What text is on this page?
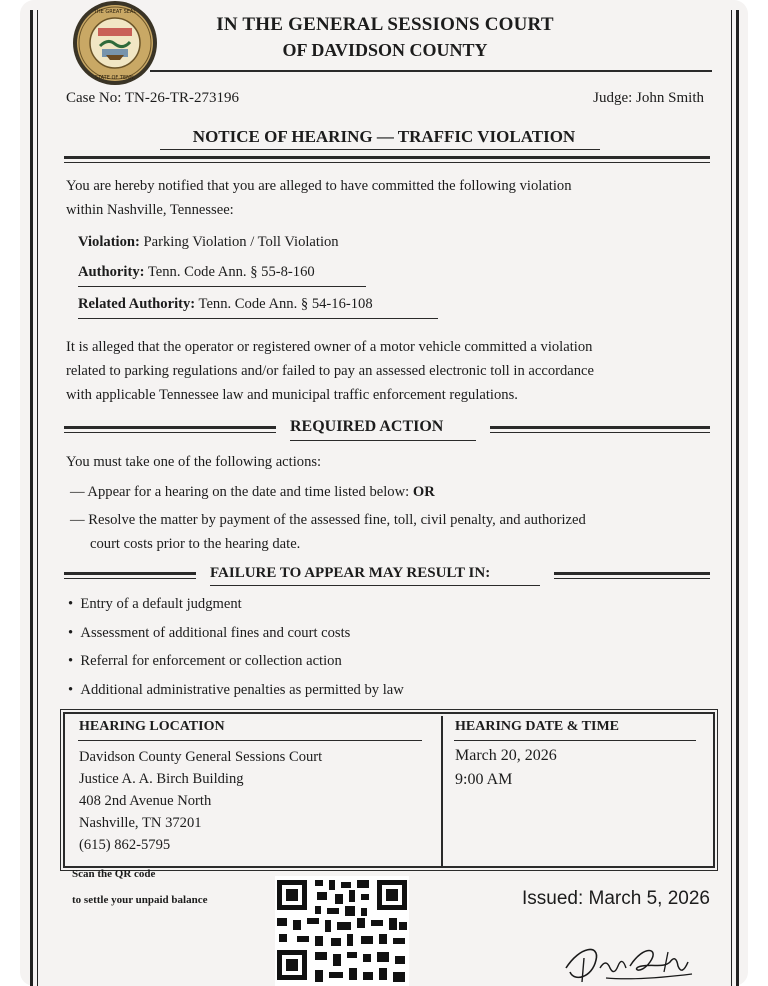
THE GREAT SEAL
STATE OF TENN.
IN THE GENERAL SESSIONS COURT
OF DAVIDSON COUNTY
Case No: TN-26-TR-273196	Judge: John Smith
NOTICE OF HEARING — TRAFFIC VIOLATION
You are hereby notified that you are alleged to have committed the following violation
within Nashville, Tennessee:
Violation: Parking Violation / Toll Violation
Authority: Tenn. Code Ann. § 55-8-160
Related Authority: Tenn. Code Ann. § 54-16-108
It is alleged that the operator or registered owner of a motor vehicle committed a violation
related to parking regulations and/or failed to pay an assessed electronic toll in accordance
with applicable Tennessee law and municipal traffic enforcement regulations.
REQUIRED ACTION
You must take one of the following actions:
— Appear for a hearing on the date and time listed below: OR
— Resolve the matter by payment of the assessed fine, toll, civil penalty, and authorized
court costs prior to the hearing date.
FAILURE TO APPEAR MAY RESULT IN:
•  Entry of a default judgment
•  Assessment of additional fines and court costs
•  Referral for enforcement or collection action
•  Additional administrative penalties as permitted by law
HEARING LOCATION
Davidson County General Sessions Court
Justice A. A. Birch Building
408 2nd Avenue North
Nashville, TN 37201
(615) 862-5795
HEARING DATE & TIME
March 20, 2026
9:00 AM
Scan the QR code
to settle your unpaid balance	Issued: March 5, 2026
